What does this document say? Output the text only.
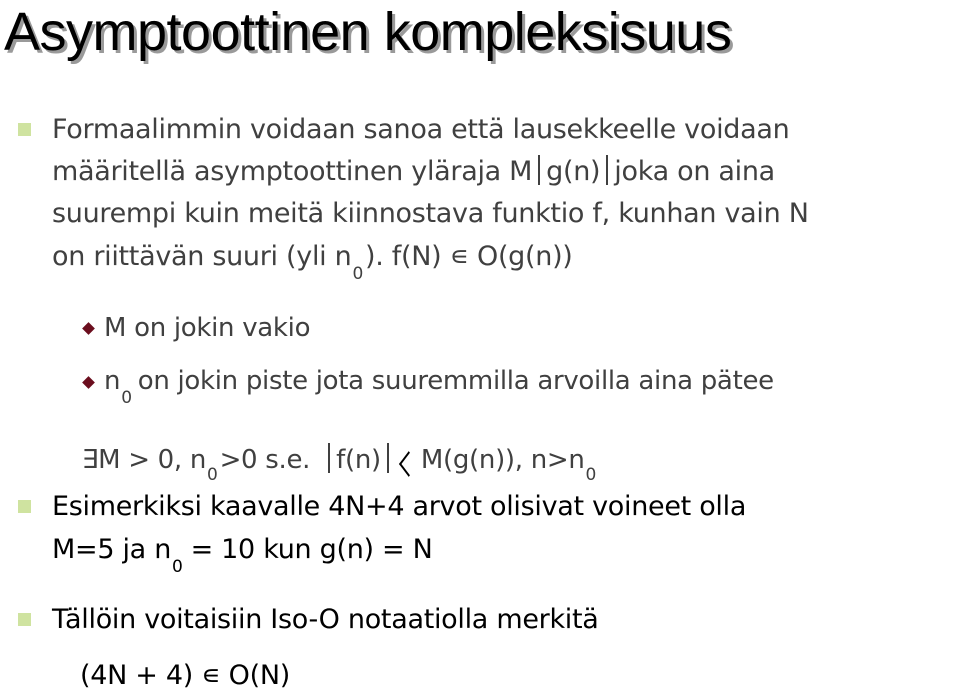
Asymptoottinen kompleksisuus
Formaalimmin voidaan sanoa että lausekkeelle voidaan
määritellä asymptoottinen yläraja M g(n) joka on aina
suurempi kuin meitä kiinnostava funktio f, kunhan vain N
on riittävän suuri (yli $n_0$). f(N) ∊ O(g(n))
M on jokin vakio
$n_0on$ jokin piste jota suuremmilla arvoilla aina pätee
∃M > 0, $n_0>0$ s.e. f(n) M(g(n)), $n>n_0$
Esimerkiksi kaavalle 4N+4 arvot olisivat voineet olla
M=5 ja $n_0= 10$ kun g(n) = N
Tällöin voitaisiin Iso-O notaatiolla merkitä
(4N + 4) ∊ O(N)
